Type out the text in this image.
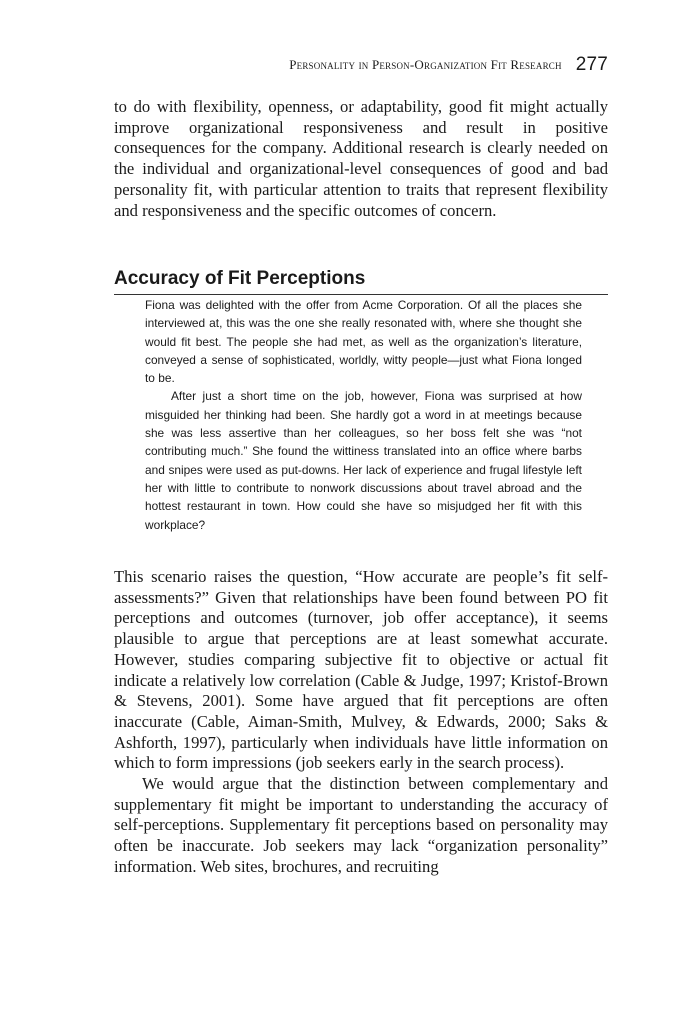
Personality in Person-Organization Fit Research 277

to do with flexibility, openness, or adaptability, good fit might actually improve organizational responsiveness and result in positive consequences for the company. Additional research is clearly needed on the individual and organizational-level consequences of good and bad personality fit, with particular attention to traits that represent flexibility and responsiveness and the specific outcomes of concern.

Accuracy of Fit Perceptions

Fiona was delighted with the offer from Acme Corporation. Of all the places she interviewed at, this was the one she really resonated with, where she thought she would fit best. The people she had met, as well as the organization’s literature, conveyed a sense of sophisticated, worldly, witty people—just what Fiona longed to be.

After just a short time on the job, however, Fiona was surprised at how misguided her thinking had been. She hardly got a word in at meetings because she was less assertive than her colleagues, so her boss felt she was “not contributing much.” She found the wittiness translated into an office where barbs and snipes were used as put-downs. Her lack of experience and frugal lifestyle left her with little to contribute to nonwork discussions about travel abroad and the hottest restaurant in town. How could she have so misjudged her fit with this workplace?

This scenario raises the question, “How accurate are people’s fit self-assessments?” Given that relationships have been found between PO fit perceptions and outcomes (turnover, job offer acceptance), it seems plausible to argue that perceptions are at least somewhat accurate. However, studies comparing subjective fit to objective or actual fit indicate a relatively low correlation (Cable & Judge, 1997; Kristof-Brown & Stevens, 2001). Some have argued that fit perceptions are often inaccurate (Cable, Aiman-Smith, Mulvey, & Edwards, 2000; Saks & Ashforth, 1997), particularly when individuals have little information on which to form impressions (job seekers early in the search process).

We would argue that the distinction between complementary and supplementary fit might be important to understanding the accuracy of self-perceptions. Supplementary fit perceptions based on personality may often be inaccurate. Job seekers may lack “organization personality” information. Web sites, brochures, and recruiting
